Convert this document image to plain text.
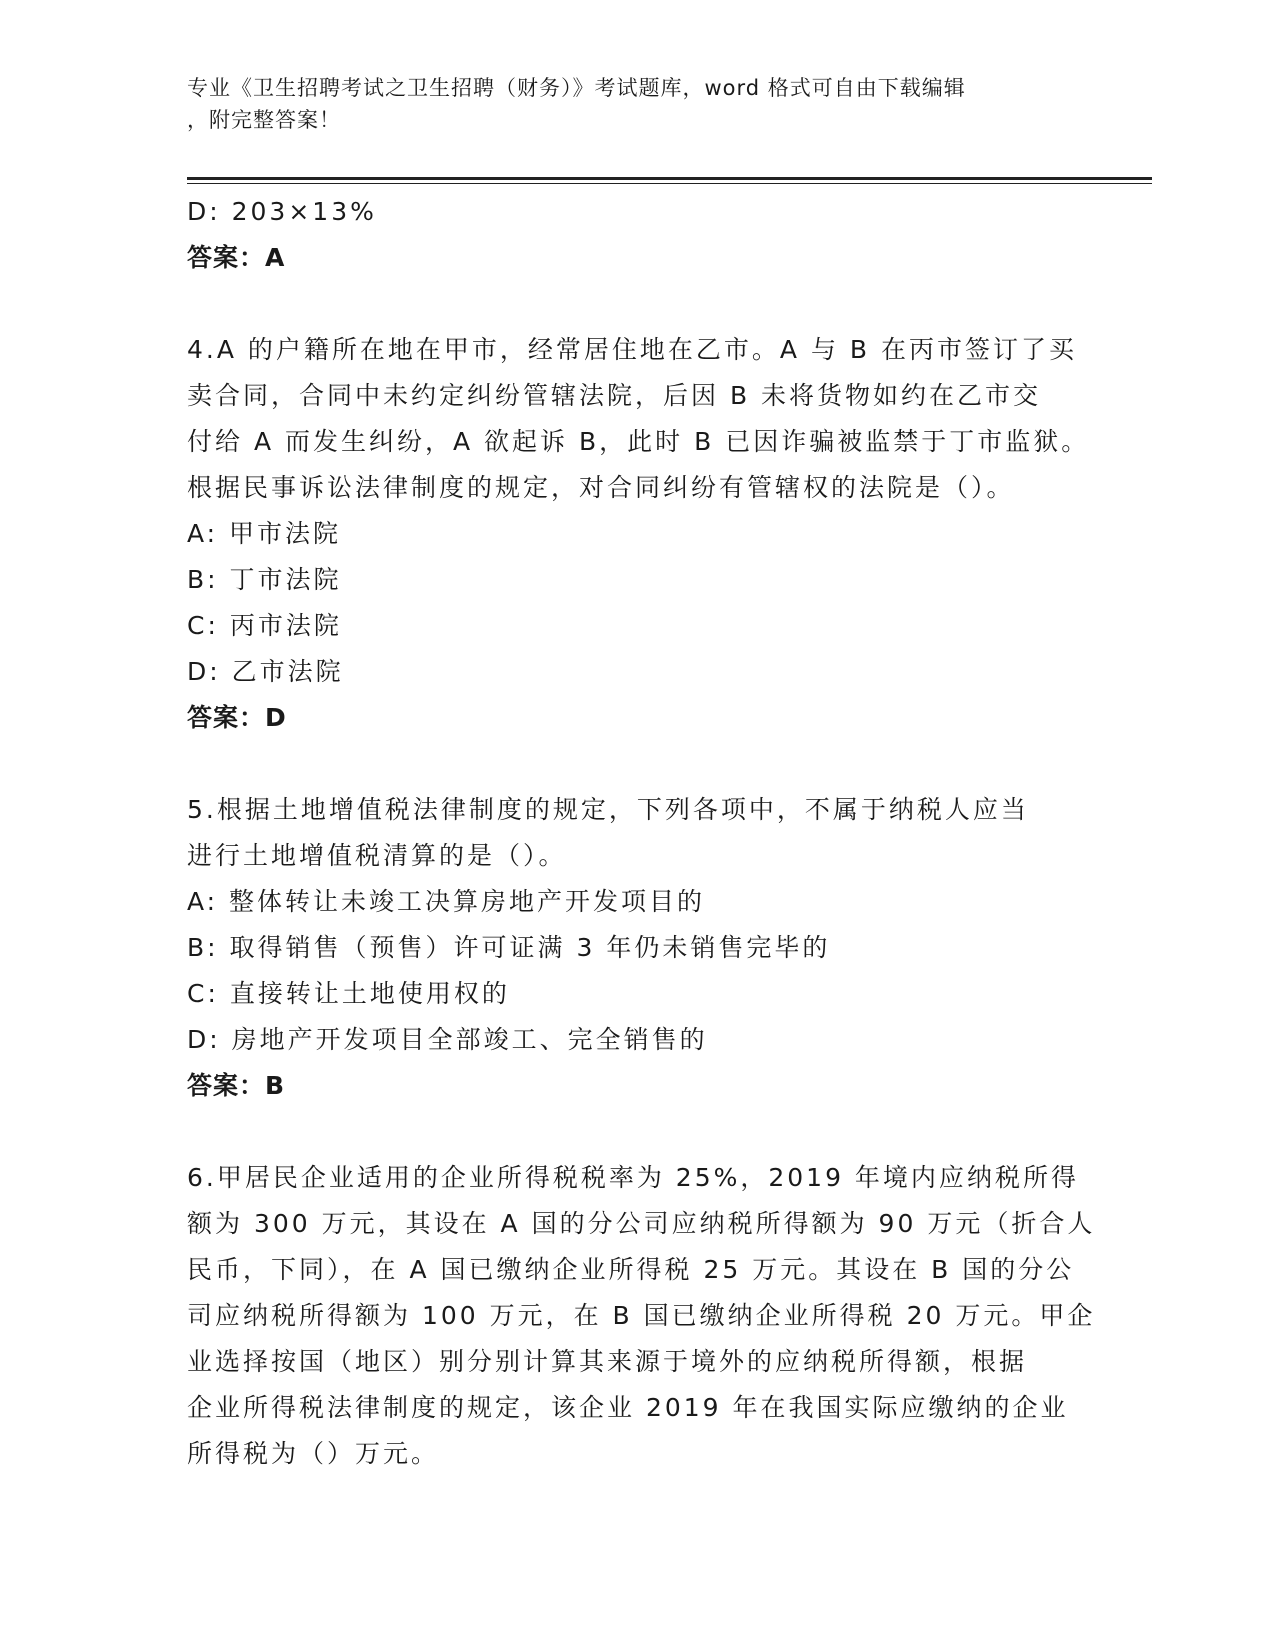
专业《卫生招聘考试之卫生招聘（财务）》考试题库，word 格式可自由下载编辑
，附完整答案！
D: 203×13%
答案：A
4.A 的户籍所在地在甲市，经常居住地在乙市。A 与 B 在丙市签订了买
卖合同，合同中未约定纠纷管辖法院，后因 B 未将货物如约在乙市交
付给 A 而发生纠纷，A 欲起诉 B，此时 B 已因诈骗被监禁于丁市监狱。
根据民事诉讼法律制度的规定，对合同纠纷有管辖权的法院是（）。
A: 甲市法院
B: 丁市法院
C: 丙市法院
D: 乙市法院
答案：D
5.根据土地增值税法律制度的规定，下列各项中，不属于纳税人应当
进行土地增值税清算的是（）。
A: 整体转让未竣工决算房地产开发项目的
B: 取得销售（预售）许可证满 3 年仍未销售完毕的
C: 直接转让土地使用权的
D: 房地产开发项目全部竣工、完全销售的
答案：B
6.甲居民企业适用的企业所得税税率为 25%，2019 年境内应纳税所得
额为 300 万元，其设在 A 国的分公司应纳税所得额为 90 万元（折合人
民币，下同），在 A 国已缴纳企业所得税 25 万元。其设在 B 国的分公
司应纳税所得额为 100 万元，在 B 国已缴纳企业所得税 20 万元。甲企
业选择按国（地区）别分别计算其来源于境外的应纳税所得额，根据
企业所得税法律制度的规定，该企业 2019 年在我国实际应缴纳的企业
所得税为（）万元。
